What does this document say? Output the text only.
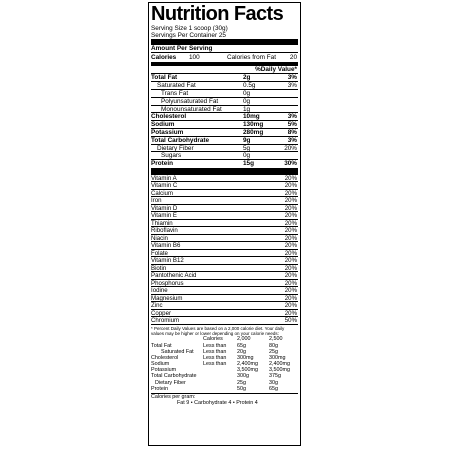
Nutrition Facts
Serving Size 1 scoop (30g)
Servings Per Container 25
Amount Per Serving
Calories 100	Calories from Fat 20
%Daily Value*
Total Fat	2g	3%
Saturated Fat	0.5g	3%
Trans Fat	0g
Polyunsaturated Fat	0g
Monounsaturated Fat	1g
Cholesterol	10mg	3%
Sodium	130mg	5%
Potassium	280mg	8%
Total Carbohydrate	9g	3%
Dietary Fiber	5g	20%
Sugars	0g
Protein	15g	30%
Vitamin A	20%
Vitamin C	20%
Calcium	20%
Iron	20%
Vitamin D	20%
Vitamin E	20%
Thiamin	20%
Riboflavin	20%
Niacin	20%
Vitamin B6	20%
Folate	20%
Vitamin B12	20%
Biotin	20%
Pantothenic Acid	20%
Phosphorus	20%
Iodine	20%
Magnesium	20%
Zinc	20%
Copper	20%
Chromium	50%
* Percent Daily Values are based on a 2,000 calorie diet. Your daily values may be higher or lower depending on your calorie needs:
Calories	2,000	2,500
Total Fat	Less than 65g	80g
Saturated Fat Less than 20g	25g
Cholesterol	Less than 300mg	300mg
Sodium	Less than 2,400mg 2,400mg
Potassium	3,500mg 3,500mg
Total Carbohydrate	300g	375g
Dietary Fiber	25g	30g
Protein	50g	65g
Calories per gram:
Fat 9 • Carbohydrate 4 • Protein 4
